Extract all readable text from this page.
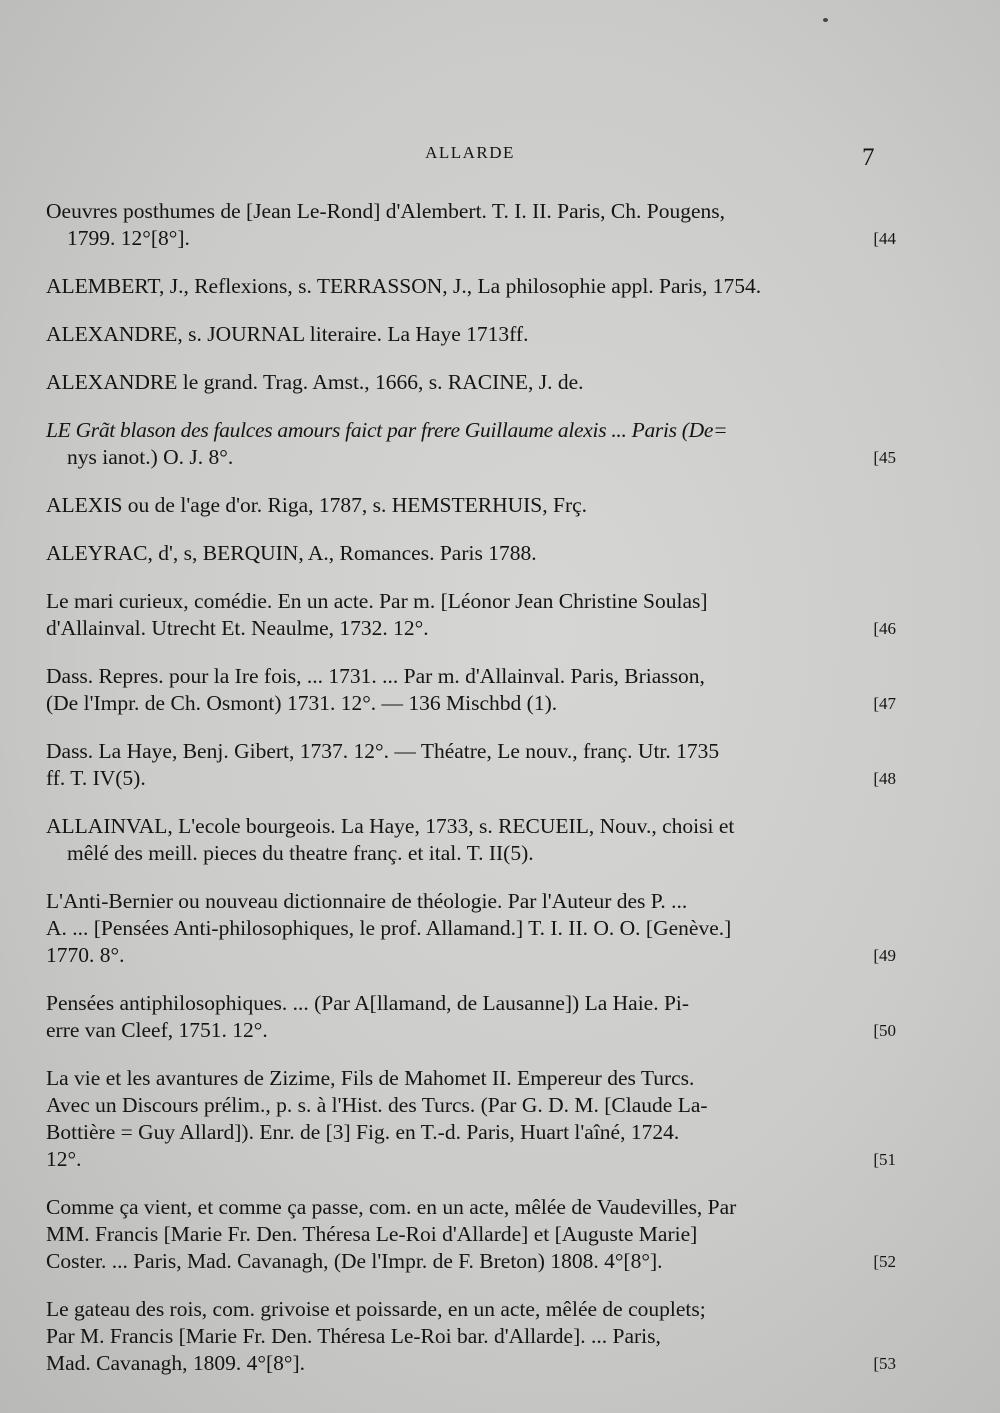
ALLARDE	7
Oeuvres posthumes de [Jean Le-Rond] d'Alembert. T. I. II. Paris, Ch. Pougens,
1799. 12°[8°].	[44
ALEMBERT, J., Reflexions, s. TERRASSON, J., La philosophie appl. Paris, 1754.
ALEXANDRE, s. JOURNAL literaire. La Haye 1713ff.
ALEXANDRE le grand. Trag. Amst., 1666, s. RACINE, J. de.
LE Grãt blason des faulces amours faict par frere Guillaume alexis ... Paris (De=
nys ianot.) O. J. 8°.	[45
ALEXIS ou de l'age d'or. Riga, 1787, s. HEMSTERHUIS, Frç.
ALEYRAC, d', s, BERQUIN, A., Romances. Paris 1788.
Le mari curieux, comédie. En un acte. Par m. [Léonor Jean Christine Soulas]
d'Allainval. Utrecht Et. Neaulme, 1732. 12°.	[46
Dass. Repres. pour la Ire fois, ... 1731. ... Par m. d'Allainval. Paris, Briasson,
(De l'Impr. de Ch. Osmont) 1731. 12°. — 136 Mischbd (1).	[47
Dass. La Haye, Benj. Gibert, 1737. 12°. — Théatre, Le nouv., franç. Utr. 1735
ff. T. IV(5).	[48
ALLAINVAL, L'ecole bourgeois. La Haye, 1733, s. RECUEIL, Nouv., choisi et
mêlé des meill. pieces du theatre franç. et ital. T. II(5).
L'Anti-Bernier ou nouveau dictionnaire de théologie. Par l'Auteur des P. ...
A. ... [Pensées Anti-philosophiques, le prof. Allamand.] T. I. II. O. O. [Genève.]
1770. 8°.	[49
Pensées antiphilosophiques. ... (Par A[llamand, de Lausanne]) La Haie. Pi-
erre van Cleef, 1751. 12°.	[50
La vie et les avantures de Zizime, Fils de Mahomet II. Empereur des Turcs.
Avec un Discours prélim., p. s. à l'Hist. des Turcs. (Par G. D. M. [Claude La-
Bottière = Guy Allard]). Enr. de [3] Fig. en T.-d. Paris, Huart l'aîné, 1724.
12°.	[51
Comme ça vient, et comme ça passe, com. en un acte, mêlée de Vaudevilles, Par
MM. Francis [Marie Fr. Den. Théresa Le-Roi d'Allarde] et [Auguste Marie]
Coster. ... Paris, Mad. Cavanagh, (De l'Impr. de F. Breton) 1808. 4°[8°].	[52
Le gateau des rois, com. grivoise et poissarde, en un acte, mêlée de couplets;
Par M. Francis [Marie Fr. Den. Théresa Le-Roi bar. d'Allarde]. ... Paris,
Mad. Cavanagh, 1809. 4°[8°].	[53
